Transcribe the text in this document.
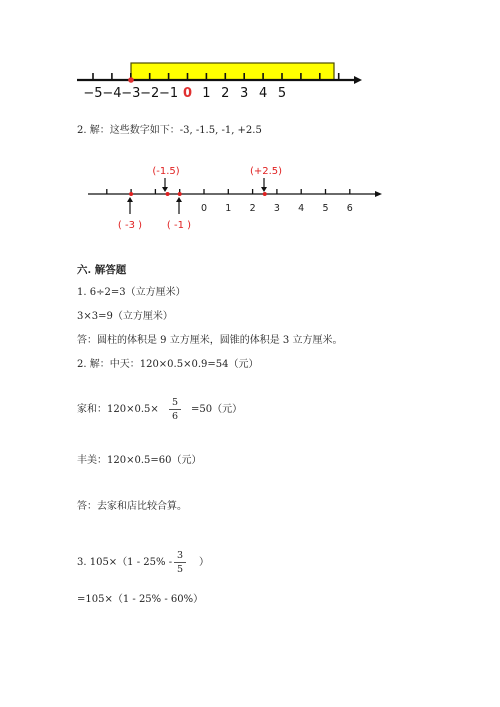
−5 −4 −3 −2 −1 0 1 2 3 4 5
2. 解：这些数字如下：-3, -1.5, -1, +2.5
(-1.5)	(+2.5)
( -3 ) ( -1 )
0 1 2 3 4 5 6
六. 解答题
1. 6÷2=3（立方厘米）
3×3=9（立方厘米）
答：圆柱的体积是 9 立方厘米，圆锥的体积是 3 立方厘米。
2. 解：中天：120×0.5×0.9=54（元）
家和：120×0.5×
5
6
=50（元）
丰美：120×0.5=60（元）
答：去家和店比较合算。
3. 105×（1 - 25% -
3
5
）
=105×（1 - 25% - 60%）
